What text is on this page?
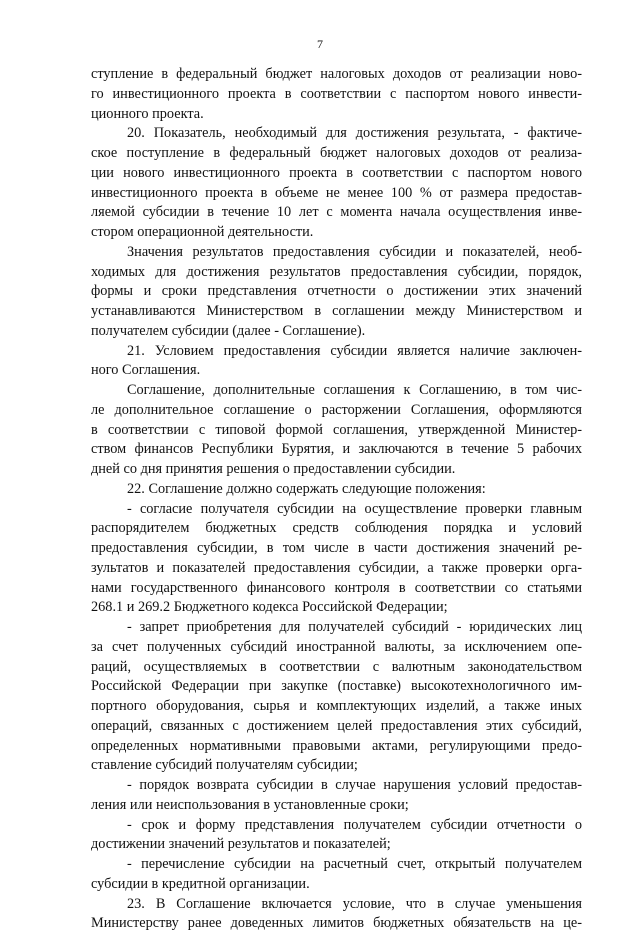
7
ступление в федеральный бюджет налоговых доходов от реализации ново-
го инвестиционного проекта в соответствии с паспортом нового инвести-
ционного проекта.
20. Показатель, необходимый для достижения результата, - фактиче-
ское поступление в федеральный бюджет налоговых доходов от реализа-
ции нового инвестиционного проекта в соответствии с паспортом нового
инвестиционного проекта в объеме не менее 100 % от размера предостав-
ляемой субсидии в течение 10 лет с момента начала осуществления инве-
стором операционной деятельности.
Значения результатов предоставления субсидии и показателей, необ-
ходимых для достижения результатов предоставления субсидии, порядок,
формы и сроки представления отчетности о достижении этих значений
устанавливаются Министерством в соглашении между Министерством и
получателем субсидии (далее - Соглашение).
21. Условием предоставления субсидии является наличие заключен-
ного Соглашения.
Соглашение, дополнительные соглашения к Соглашению, в том чис-
ле дополнительное соглашение о расторжении Соглашения, оформляются
в соответствии с типовой формой соглашения, утвержденной Министер-
ством финансов Республики Бурятия, и заключаются в течение 5 рабочих
дней со дня принятия решения о предоставлении субсидии.
22. Соглашение должно содержать следующие положения:
- согласие получателя субсидии на осуществление проверки главным
распорядителем бюджетных средств соблюдения порядка и условий
предоставления субсидии, в том числе в части достижения значений ре-
зультатов и показателей предоставления субсидии, а также проверки орга-
нами государственного финансового контроля в соответствии со статьями
268.1 и 269.2 Бюджетного кодекса Российской Федерации;
- запрет приобретения для получателей субсидий - юридических лиц
за счет полученных субсидий иностранной валюты, за исключением опе-
раций, осуществляемых в соответствии с валютным законодательством
Российской Федерации при закупке (поставке) высокотехнологичного им-
портного оборудования, сырья и комплектующих изделий, а также иных
операций, связанных с достижением целей предоставления этих субсидий,
определенных нормативными правовыми актами, регулирующими предо-
ставление субсидий получателям субсидии;
- порядок возврата субсидии в случае нарушения условий предостав-
ления или неиспользования в установленные сроки;
- срок и форму представления получателем субсидии отчетности о
достижении значений результатов и показателей;
- перечисление субсидии на расчетный счет, открытый получателем
субсидии в кредитной организации.
23. В Соглашение включается условие, что в случае уменьшения
Министерству ранее доведенных лимитов бюджетных обязательств на це-
